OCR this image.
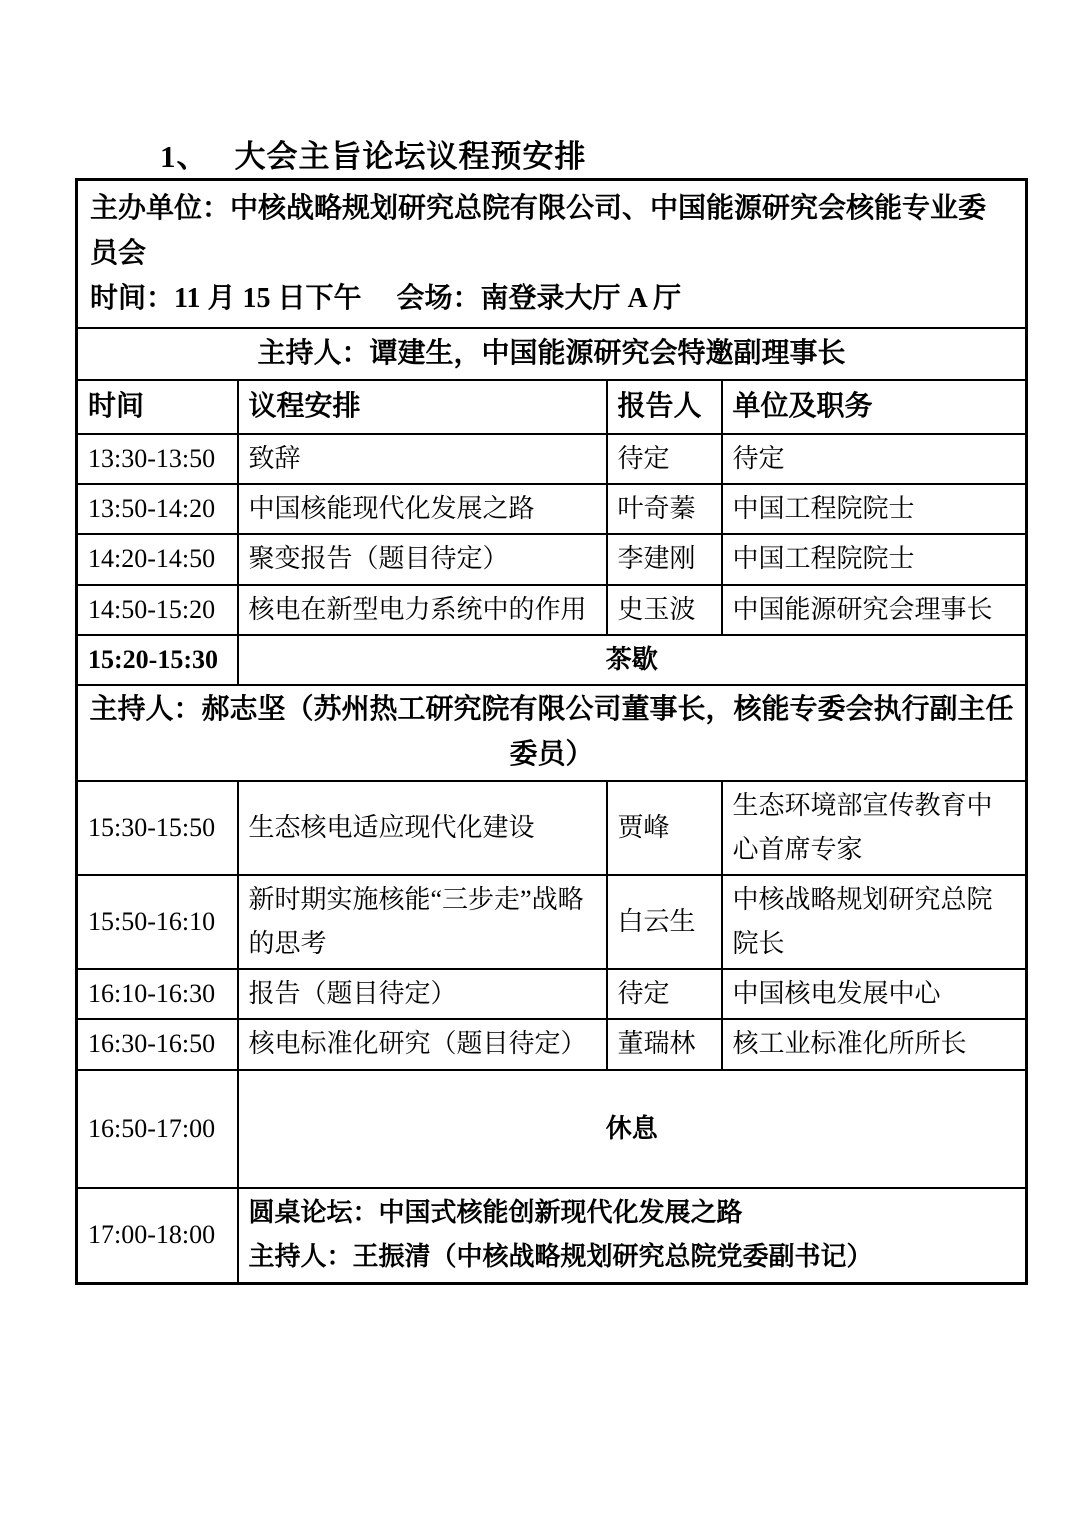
1、 大会主旨论坛议程预安排

主办单位：中核战略规划研究总院有限公司、中国能源研究会核能专业委员会

时间：11 月 15 日下午　 会场：南登录大厅 A 厅			

主持人：谭建生，中国能源研究会特邀副理事长			
时间	议程安排	报告人	单位及职务
13:30-13:50	致辞	待定	待定
13:50-14:20	中国核能现代化发展之路	叶奇蓁	中国工程院院士
14:20-14:50	聚变报告（题目待定）	李建刚	中国工程院院士
14:50-15:20	核电在新型电力系统中的作用	史玉波	中国能源研究会理事长
15:20-15:30	茶歇		
主持人：郝志坚（苏州热工研究院有限公司董事长，核能专委会执行副主任委员）			
15:30-15:50	生态核电适应现代化建设	贾峰	生态环境部宣传教育中心首席专家
15:50-16:10	新时期实施核能“三步走”战略的思考	白云生	中核战略规划研究总院院长
16:10-16:30	报告（题目待定）	待定	中国核电发展中心
16:30-16:50	核电标准化研究（题目待定）	董瑞林	核工业标准化所所长
16:50-17:00	休息		
17:00-18:00	圆桌论坛：中国式核能创新现代化发展之路

主持人：王振清（中核战略规划研究总院党委副书记）		
